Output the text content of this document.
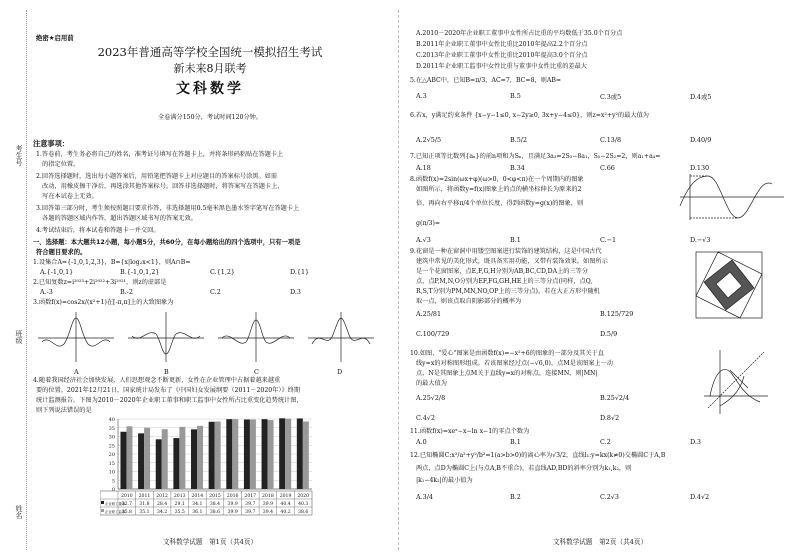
考生号
班级
姓名
绝密★启用前
2023年普通高等学校全国统一模拟招生考试
新未来8月联考
文科数学
全卷满分150分，考试时间120分钟。
注意事项：
1.答卷前，考生务必将自己的姓名，准考证号填写在答题卡上，并将条形码粘贴在答题卡上
　的指定位置。
2.回答选择题时，选出每小题答案后，用铅笔把答题卡上对应题目的答案标号涂黑。如需
　改动，用橡皮擦干净后，再选涂其他答案标号。回答非选择题时，将答案写在答题卡上，
　写在本试卷上无效。
3.回答第三部分时，考生须按照题目要求作答，非选择题用0.5毫米黑色墨水签字笔写在答题卡上
　各题的答题区域内作答，超出答题区域书写的答案无效。
4.考试结束后，将本试卷和答题卡一并交回。
一、选择题：本大题共12小题，每小题5分，共60分，在每小题给出的四个选项中，只有一项是
符合题目要求的。
1.设集合A={-1,0,1,2,3}，B={x|log₂x<1}，则A∩B=
A.{-1,0,1}	B.{-1,0,1,2}	C.{1,2}	D.{1}
2.已知复数z=i²⁰²³+2i²⁰²²+3i²⁰²¹，则z的虚部是
A.-3	B.-2	C.2	D.3
3.函数f(x)=cos2x/(x²+1)在[-π,π]上的大致图象为
A	B	C	D
4.随着我国经济社会加快发展，人们思想观念不断更新，女性在企业管理中占据着越来越重
要的位置。2021年12月21日，国家统计局发布了《中国妇女发展纲要（2011－2020年）》终期
统计监测报告。下图为2010－2020年企业职工董事和职工监事中女性所占比重变化趋势统计图，
则下列说法错误的是
40
35
30
25
20
15
10
5
0
2010 2011 2012 2013 2014 2015 2016 2017 2018 2019 2020
企业职工董事
32.7 31.8 28.4 29.1 34.1 38.4 39.9 39.7 39.9 40.4 40.3
企业职工监事
35.8 35.1 34.2 35.5 36.1 38.6 39.9 39.7 39.4 40.2 38.6
文科数学试题　第1页（共4页）
A.2010－2020年企业职工董事中女性所占比重的平均数低于35.0个百分点
B.2011年企业职工董事中女性比重比2010年提高2.2个百分点
C.2013年企业职工董事中女性比重比2010年提高3.0个百分点
D.2011年企业职工监事中女性比重与董事中女性比重的差最大
5.在△ABC中，已知B=π/3，AC=7，BC=8，则AB=
A.3	B.5	C.3或5	D.4或5
6.若x，y满足约束条件 {x−y−1≤0, x−2y≥0, 3x+y−4≤0}，则z=x²+y²的最大值为
A.2√5/5	B.5/2	C.13/8	D.40/9
7.已知正项等比数列{aₙ}的前n项和为Sₙ，且满足3a₃=2S₃−8a₁，S₅−2S₂=2，则a₁+a₄=
A.18	B.34	C.66	D.130
8.函数f(x)=2sin(ωx+φ)(ω>0，0<φ<π)在一个周期内的图象
如图所示，将函数y=f(x)图象上的点的横坐标伸长为原来的2
倍，再向右平移π/4个单位长度，得到函数y=g(x)的图象，则
g(π/3)=
A.√3	B.1	C.−1	D.−√3
9.花窗是一种在窗洞中用镂空图案进行装饰的建筑结构，这是中国古代
建筑中常见的美化形式，既具备实用功能，又带有装饰效果。如图所示
是一个花窗图案，点E,F,G,H分别为AB,BC,CD,DA上的三等分
点，点P,M,N,O分别为EF,FG,GH,HE上的三等分点(同样，点Q,
R,S,T分别为PM,MN,NO,OP上的三等分点)，若在大正方形中随机
取一点，则该点取自阴影部分的概率为
A.25/81	B.125/729
C.100/729	D.5/9
10.如图，"爱心"图案是由函数f(x)=−x²+6的图象的一部分及其关于直
线y=x的对称图形组成。若该图案经过点(−√6,0)，点M是该图案上一动
点，N是其图象上点M关于直线y=x的对称点，连接MN，则|MN|
的最大值为
A.25√2/8	B.25√2/4
C.4√2	D.8√2
11.函数f(x)=xeˣ−x−ln x−1的零点个数为
A.0	B.1	C.2	D.3
12.已知椭圆C:x²/a²+y²/b²=1(a>b>0)的离心率为√3/2，直线l₁:y=kx(k≠0)交椭圆C于A,B
两点，点D为椭圆C上(与点A,B不重合)，若直线AD,BD的斜率分别为k₁,k₂，则
|k₁−4k₂|的最小值为
A.3/4	B.2	C.2√3	D.4√2
文科数学试题　第2页（共4页）
